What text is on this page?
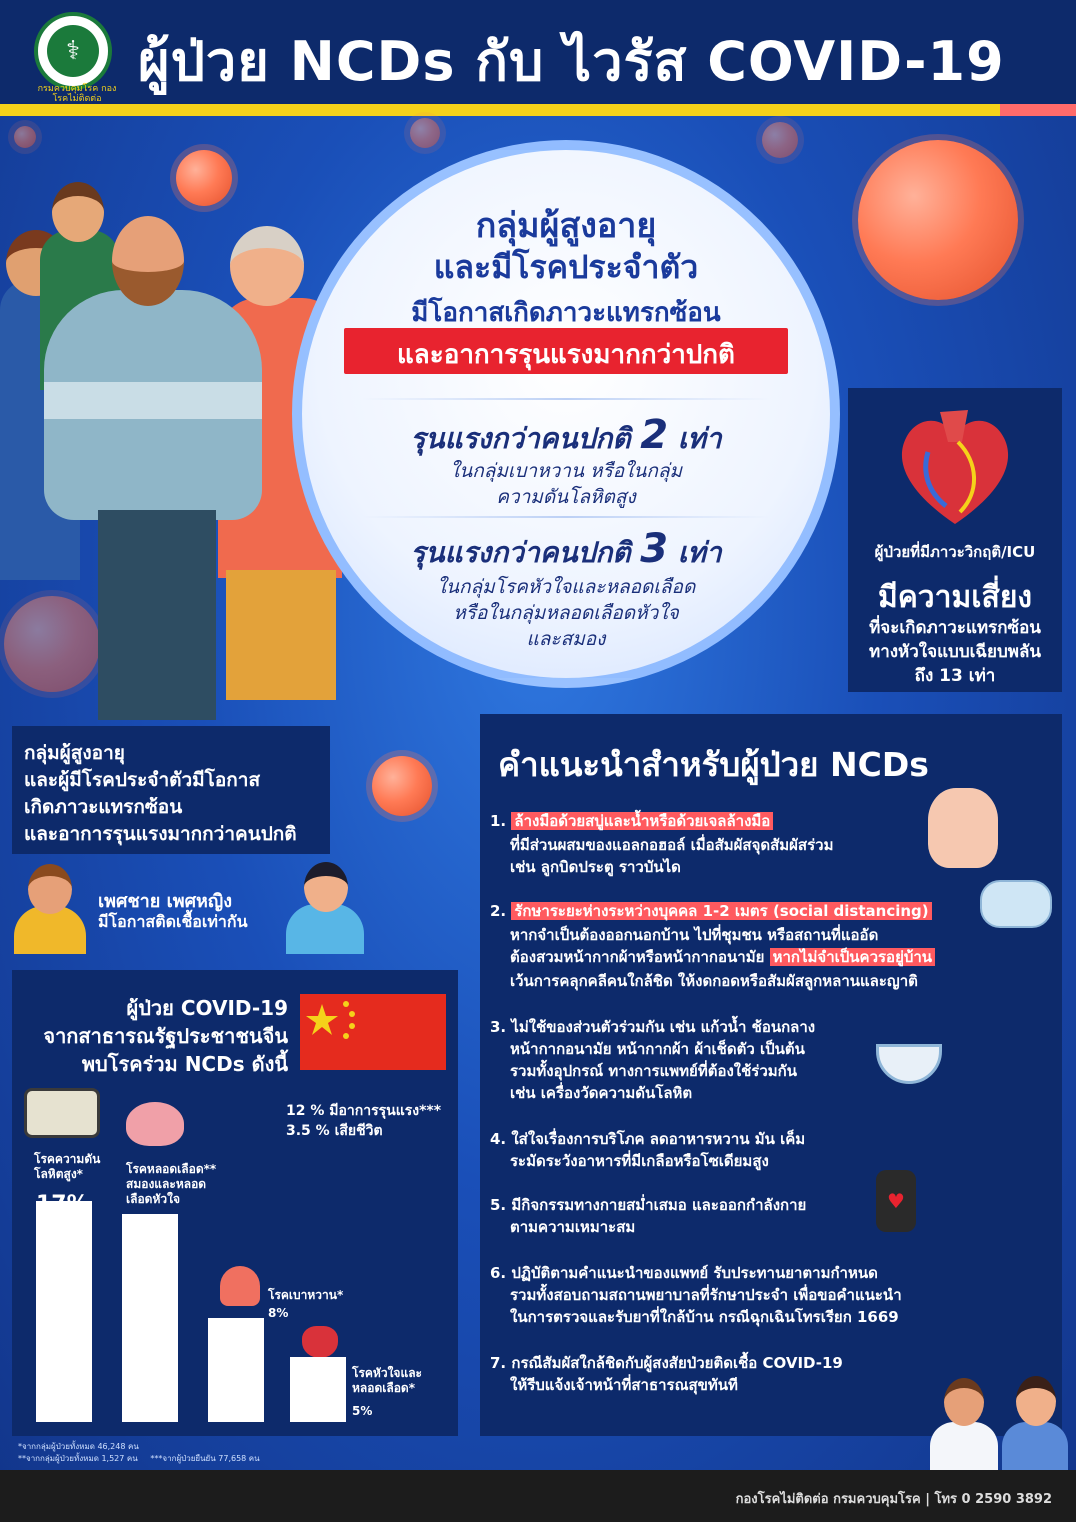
⚕
กรมควบคุมโรค กองโรคไม่ติดต่อ
ผู้ป่วย NCDs กับ ไวรัส COVID-19
กลุ่มผู้สูงอายุ
และมีโรคประจำตัว
มีโอกาสเกิดภาวะแทรกซ้อน
และอาการรุนแรงมากกว่าปกติ
รุนแรงกว่าคนปกติ 2 เท่า
ในกลุ่มเบาหวาน หรือในกลุ่ม
ความดันโลหิตสูง
รุนแรงกว่าคนปกติ 3 เท่า
ในกลุ่มโรคหัวใจและหลอดเลือด
หรือในกลุ่มหลอดเลือดหัวใจ
และสมอง
ผู้ป่วยที่มีภาวะวิกฤติ/ICU
มีความเสี่ยง
ที่จะเกิดภาวะแทรกซ้อน
ทางหัวใจแบบเฉียบพลัน
ถึง 13 เท่า
กลุ่มผู้สูงอายุ
และผู้มีโรคประจำตัวมีโอกาส
เกิดภาวะแทรกซ้อน
และอาการรุนแรงมากกว่าคนปกติ
เพศชาย เพศหญิง
มีโอกาสติดเชื้อเท่ากัน
ผู้ป่วย COVID-19
จากสาธารณรัฐประชาชนจีน
พบโรคร่วม NCDs ดังนี้
12 % มีอาการรุนแรง***
3.5 % เสียชีวิต
โรคความดันโลหิตสูง*
17%
โรคหลอดเลือด** สมองและหลอดเลือดหัวใจ
16%
โรคเบาหวาน*
8%
โรคหัวใจและหลอดเลือด*
5%
*จากกลุ่มผู้ป่วยทั้งหมด 46,248 คน
**จากกลุ่มผู้ป่วยทั้งหมด 1,527 คน     ***จากผู้ป่วยยืนยัน 77,658 คน
คำแนะนำสำหรับผู้ป่วย NCDs
1. ล้างมือด้วยสบู่และน้ำหรือด้วยเจลล้างมือ
ที่มีส่วนผสมของแอลกอฮอล์ เมื่อสัมผัสจุดสัมผัสร่วม
เช่น ลูกบิดประตู ราวบันได
2. รักษาระยะห่างระหว่างบุคคล 1-2 เมตร (social distancing)
หากจำเป็นต้องออกนอกบ้าน ไปที่ชุมชน หรือสถานที่แออัด
ต้องสวมหน้ากากผ้าหรือหน้ากากอนามัย หากไม่จำเป็นควรอยู่บ้าน
เว้นการคลุกคลีคนใกล้ชิด ให้งดกอดหรือสัมผัสลูกหลานและญาติ
3. ไม่ใช้ของส่วนตัวร่วมกัน เช่น แก้วน้ำ ช้อนกลาง
หน้ากากอนามัย หน้ากากผ้า ผ้าเช็ดตัว เป็นต้น
รวมทั้งอุปกรณ์ ทางการแพทย์ที่ต้องใช้ร่วมกัน
เช่น เครื่องวัดความดันโลหิต
4. ใส่ใจเรื่องการบริโภค ลดอาหารหวาน มัน เค็ม
ระมัดระวังอาหารที่มีเกลือหรือโซเดียมสูง
5. มีกิจกรรมทางกายสม่ำเสมอ และออกกำลังกาย
ตามความเหมาะสม
♥
6. ปฏิบัติตามคำแนะนำของแพทย์ รับประทานยาตามกำหนด
รวมทั้งสอบถามสถานพยาบาลที่รักษาประจำ เพื่อขอคำแนะนำ
ในการตรวจและรับยาที่ใกล้บ้าน กรณีฉุกเฉินโทรเรียก 1669
7. กรณีสัมผัสใกล้ชิดกับผู้สงสัยป่วยติดเชื้อ COVID-19
ให้รีบแจ้งเจ้าหน้าที่สาธารณสุขทันที
กองโรคไม่ติดต่อ กรมควบคุมโรค | โทร 0 2590 3892
